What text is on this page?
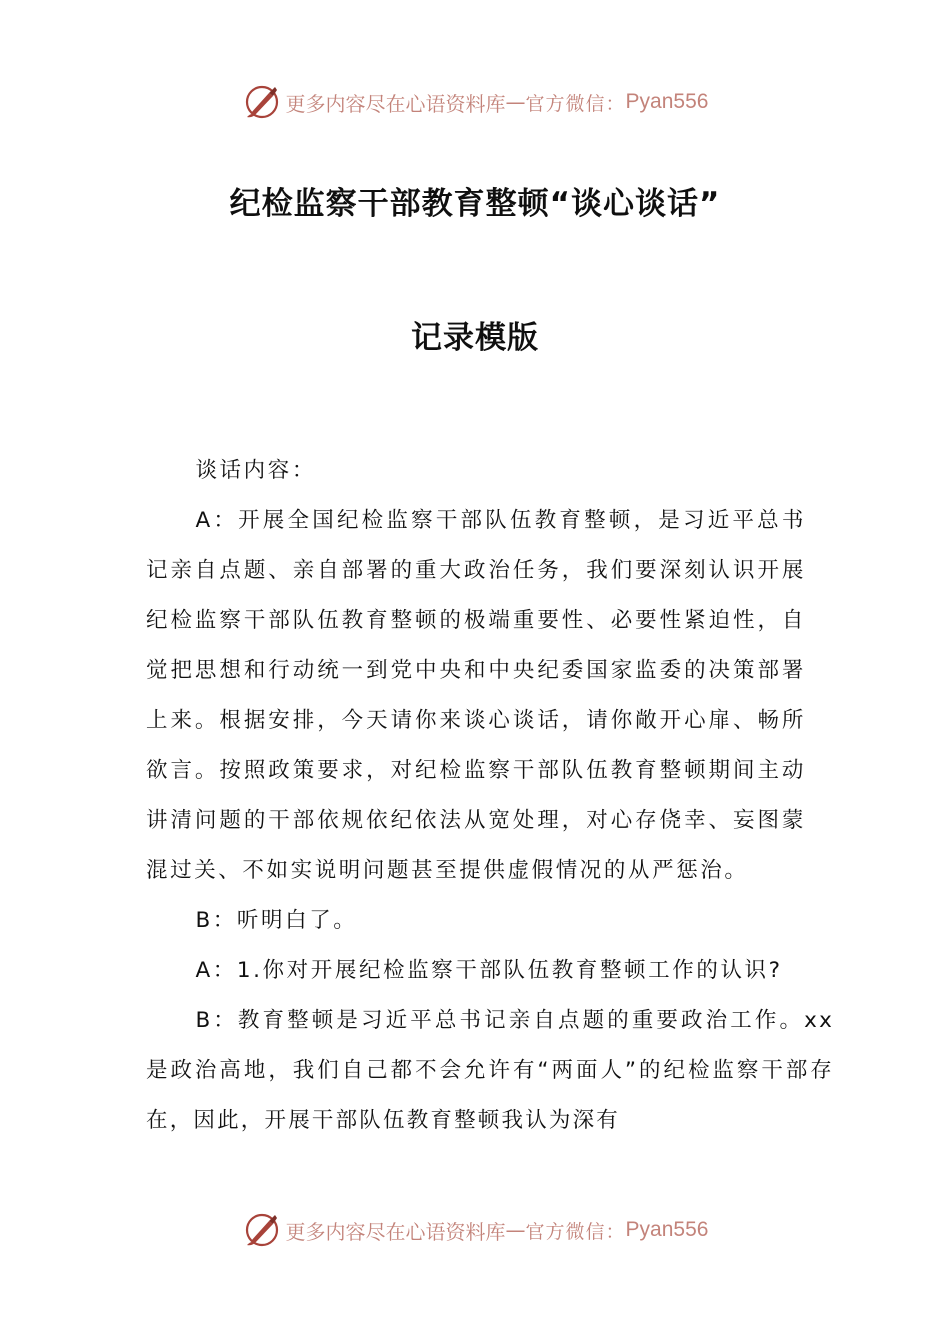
更多内容尽在心语资料库 — 官方微信： Pyan556
纪检监察干部教育整顿“谈心谈话”
记录模版

谈话内容：

A：开展全国纪检监察干部队伍教育整顿，是习近平总书记亲自点题、亲自部署的重大政治任务，我们要深刻认识开展纪检监察干部队伍教育整顿的极端重要性、必要性紧迫性，自觉把思想和行动统一到党中央和中央纪委国家监委的决策部署上来。根据安排，今天请你来谈心谈话，请你敞开心扉、畅所欲言。按照政策要求，对纪检监察干部队伍教育整顿期间主动讲清问题的干部依规依纪依法从宽处理，对心存侥幸、妄图蒙混过关、不如实说明问题甚至提供虚假情况的从严惩治。

B：听明白了。

A：1.你对开展纪检监察干部队伍教育整顿工作的认识?

B：教育整顿是习近平总书记亲自点题的重要政治工作。xx是政治高地，我们自己都不会允许有“两面人”的纪检监察干部存在，因此，开展干部队伍教育整顿我认为深有

更多内容尽在心语资料库 — 官方微信： Pyan556
